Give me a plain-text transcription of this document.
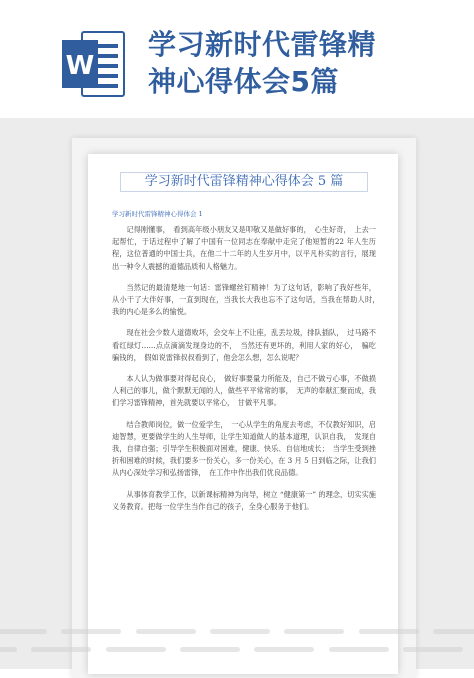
W
学习新时代雷锋精
神心得体会5篇
学习新时代雷锋精神心得体会 5 篇
学习新时代雷锋精神心得体会 1

记得刚懂事，　看到高年级小朋友又是叩敬又是做好事的，　心生好奇，　上去一起帮忙，于话过程中了解了中国有一位同志在奉献中走完了他短暂的22 年人生历程，这位普通的中国士兵，在他二十二年的人生岁月中，以平凡朴实的言行，展现出一种令人震撼的道德品质和人格魅力。

当然记的最清楚地一句话：雷锋螺丝钉精神！为了这句话，影响了我好些年，从小干了大伴好事，一直到现在，当我长大我也忘不了这句话，当我在帮助人时，　我的内心是多么的愉悦。

现在社会少数人道德败坏，会交车上不让座，乱丢垃圾，排队插队，　过马路不看红绿灯……点点滴滴发现身边的不，　当然还有更坏的，利用人家的好心，　骗吃骗钱的，　假如说雷锋叔叔看到了，他会怎么想，怎么说呢？

本人认为做事要对得起良心，　做好事要量力所能及，自己不做亏心事，不做损人利己的事儿，做个默默无闻的人，做些平平常常的事，　无声的奉献汇聚而成，我们学习雷锋精神，首先就要以平常心，　甘做平凡事。

结合教师岗位，做一位爱学生，　一心从学生的角度去考虑，不仅教好知识，启迪智慧，更要做学生的人生导师，让学生知道做人的基本道理，认识自我，　发现自我，自律自强；引导学生积极面对困难，健康、快乐、自信地成长；　当学生受到挫折和困难的时候，我们要多一份关心，多一份关心，在 3 月 5 日到临之际，让我们从内心深处学习和弘扬雷锋，　在工作中作出我们优良品德。

从事体育教学工作，以新课标精神为向导，树立 “健康第一” 的理念，切实实施义务教育。把每一位学生当作自己的孩子，全身心服务于他们。
